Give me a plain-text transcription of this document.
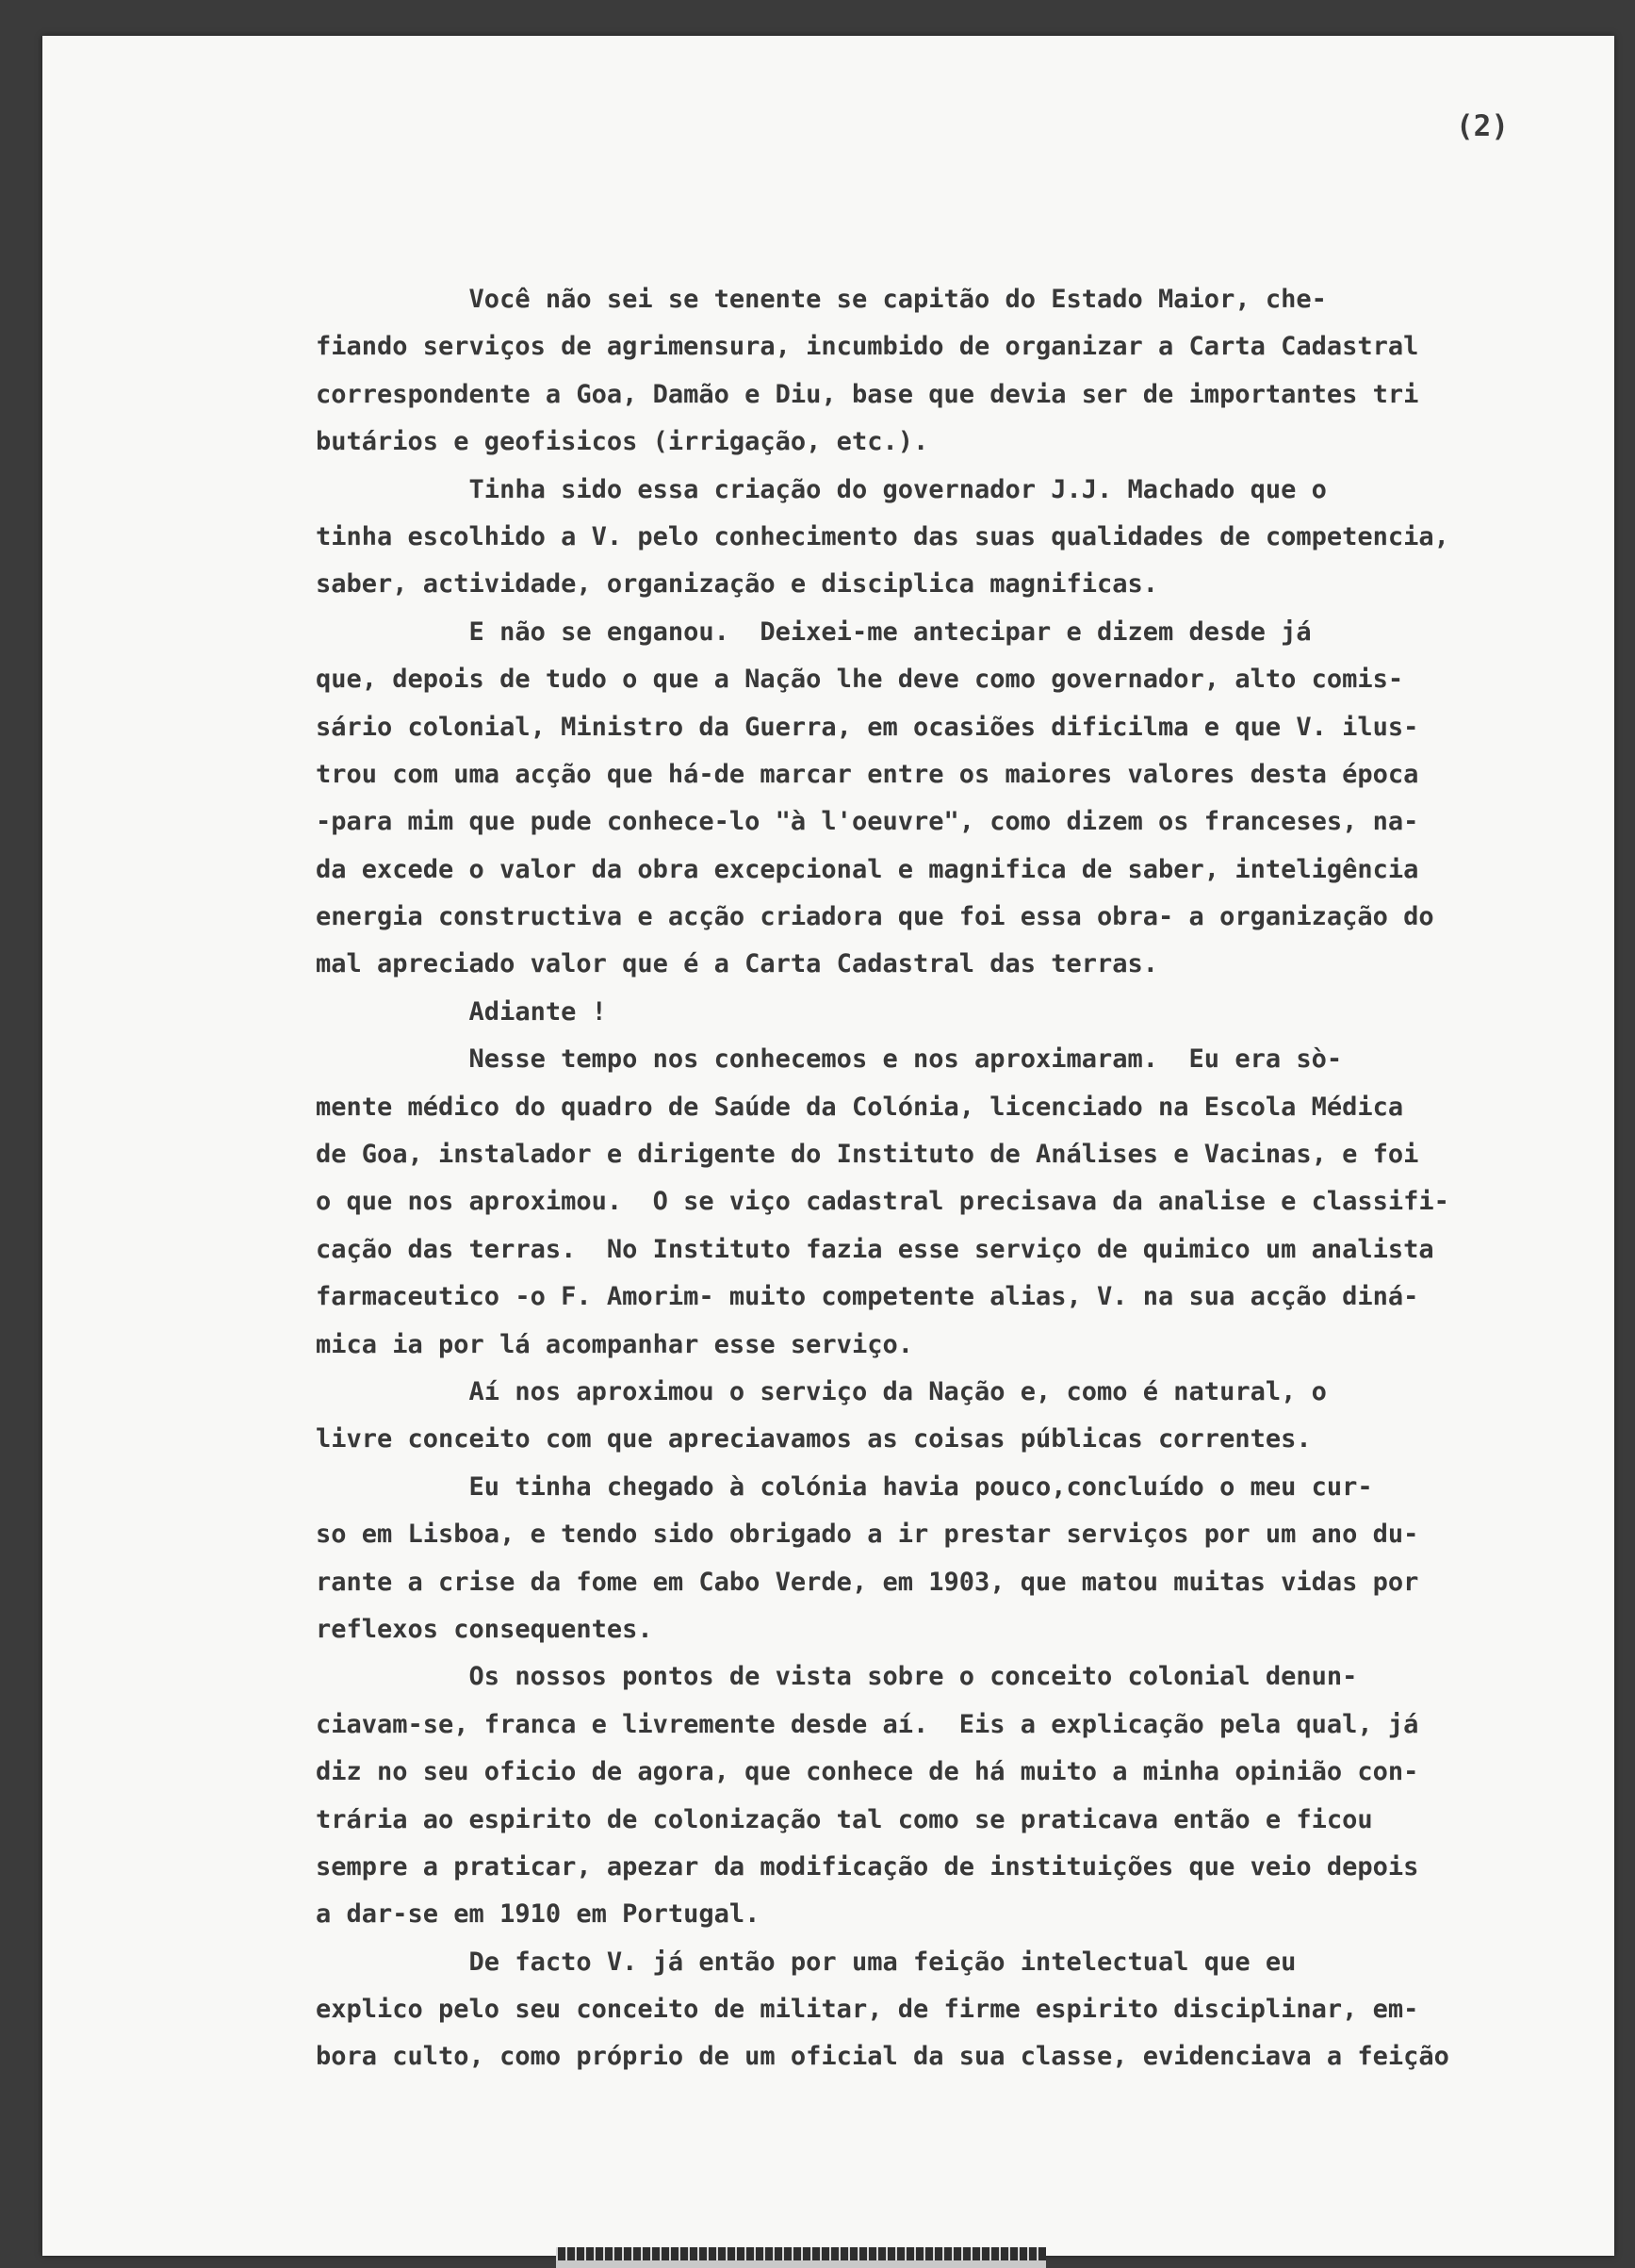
(2)
Você não sei se tenente se capitão do Estado Maior, che-
fiando serviços de agrimensura, incumbido de organizar a Carta Cadastral
correspondente a Goa, Damão e Diu, base que devia ser de importantes tri
butários e geofisicos (irrigação, etc.).
Tinha sido essa criação do governador J.J. Machado que o
tinha escolhido a V. pelo conhecimento das suas qualidades de competencia,
saber, actividade, organização e disciplica magnificas.
E não se enganou.  Deixei-me antecipar e dizem desde já
que, depois de tudo o que a Nação lhe deve como governador, alto comis-
sário colonial, Ministro da Guerra, em ocasiões dificilma e que V. ilus-
trou com uma acção que há-de marcar entre os maiores valores desta época
-para mim que pude conhece-lo "à l'oeuvre", como dizem os franceses, na-
da excede o valor da obra excepcional e magnifica de saber, inteligência
energia constructiva e acção criadora que foi essa obra- a organização do
mal apreciado valor que é a Carta Cadastral das terras.
Adiante !
Nesse tempo nos conhecemos e nos aproximaram.  Eu era sò-
mente médico do quadro de Saúde da Colónia, licenciado na Escola Médica
de Goa, instalador e dirigente do Instituto de Análises e Vacinas, e foi
o que nos aproximou.  O se viço cadastral precisava da analise e classifi-
cação das terras.  No Instituto fazia esse serviço de quimico um analista
farmaceutico -o F. Amorim- muito competente alias, V. na sua acção diná-
mica ia por lá acompanhar esse serviço.
Aí nos aproximou o serviço da Nação e, como é natural, o
livre conceito com que apreciavamos as coisas públicas correntes.
Eu tinha chegado à colónia havia pouco,concluído o meu cur-
so em Lisboa, e tendo sido obrigado a ir prestar serviços por um ano du-
rante a crise da fome em Cabo Verde, em 1903, que matou muitas vidas por
reflexos consequentes.
Os nossos pontos de vista sobre o conceito colonial denun-
ciavam-se, franca e livremente desde aí.  Eis a explicação pela qual, já
diz no seu oficio de agora, que conhece de há muito a minha opinião con-
trária ao espirito de colonização tal como se praticava então e ficou
sempre a praticar, apezar da modificação de instituições que veio depois
a dar-se em 1910 em Portugal.
De facto V. já então por uma feição intelectual que eu
explico pelo seu conceito de militar, de firme espirito disciplinar, em-
bora culto, como próprio de um oficial da sua classe, evidenciava a feição
